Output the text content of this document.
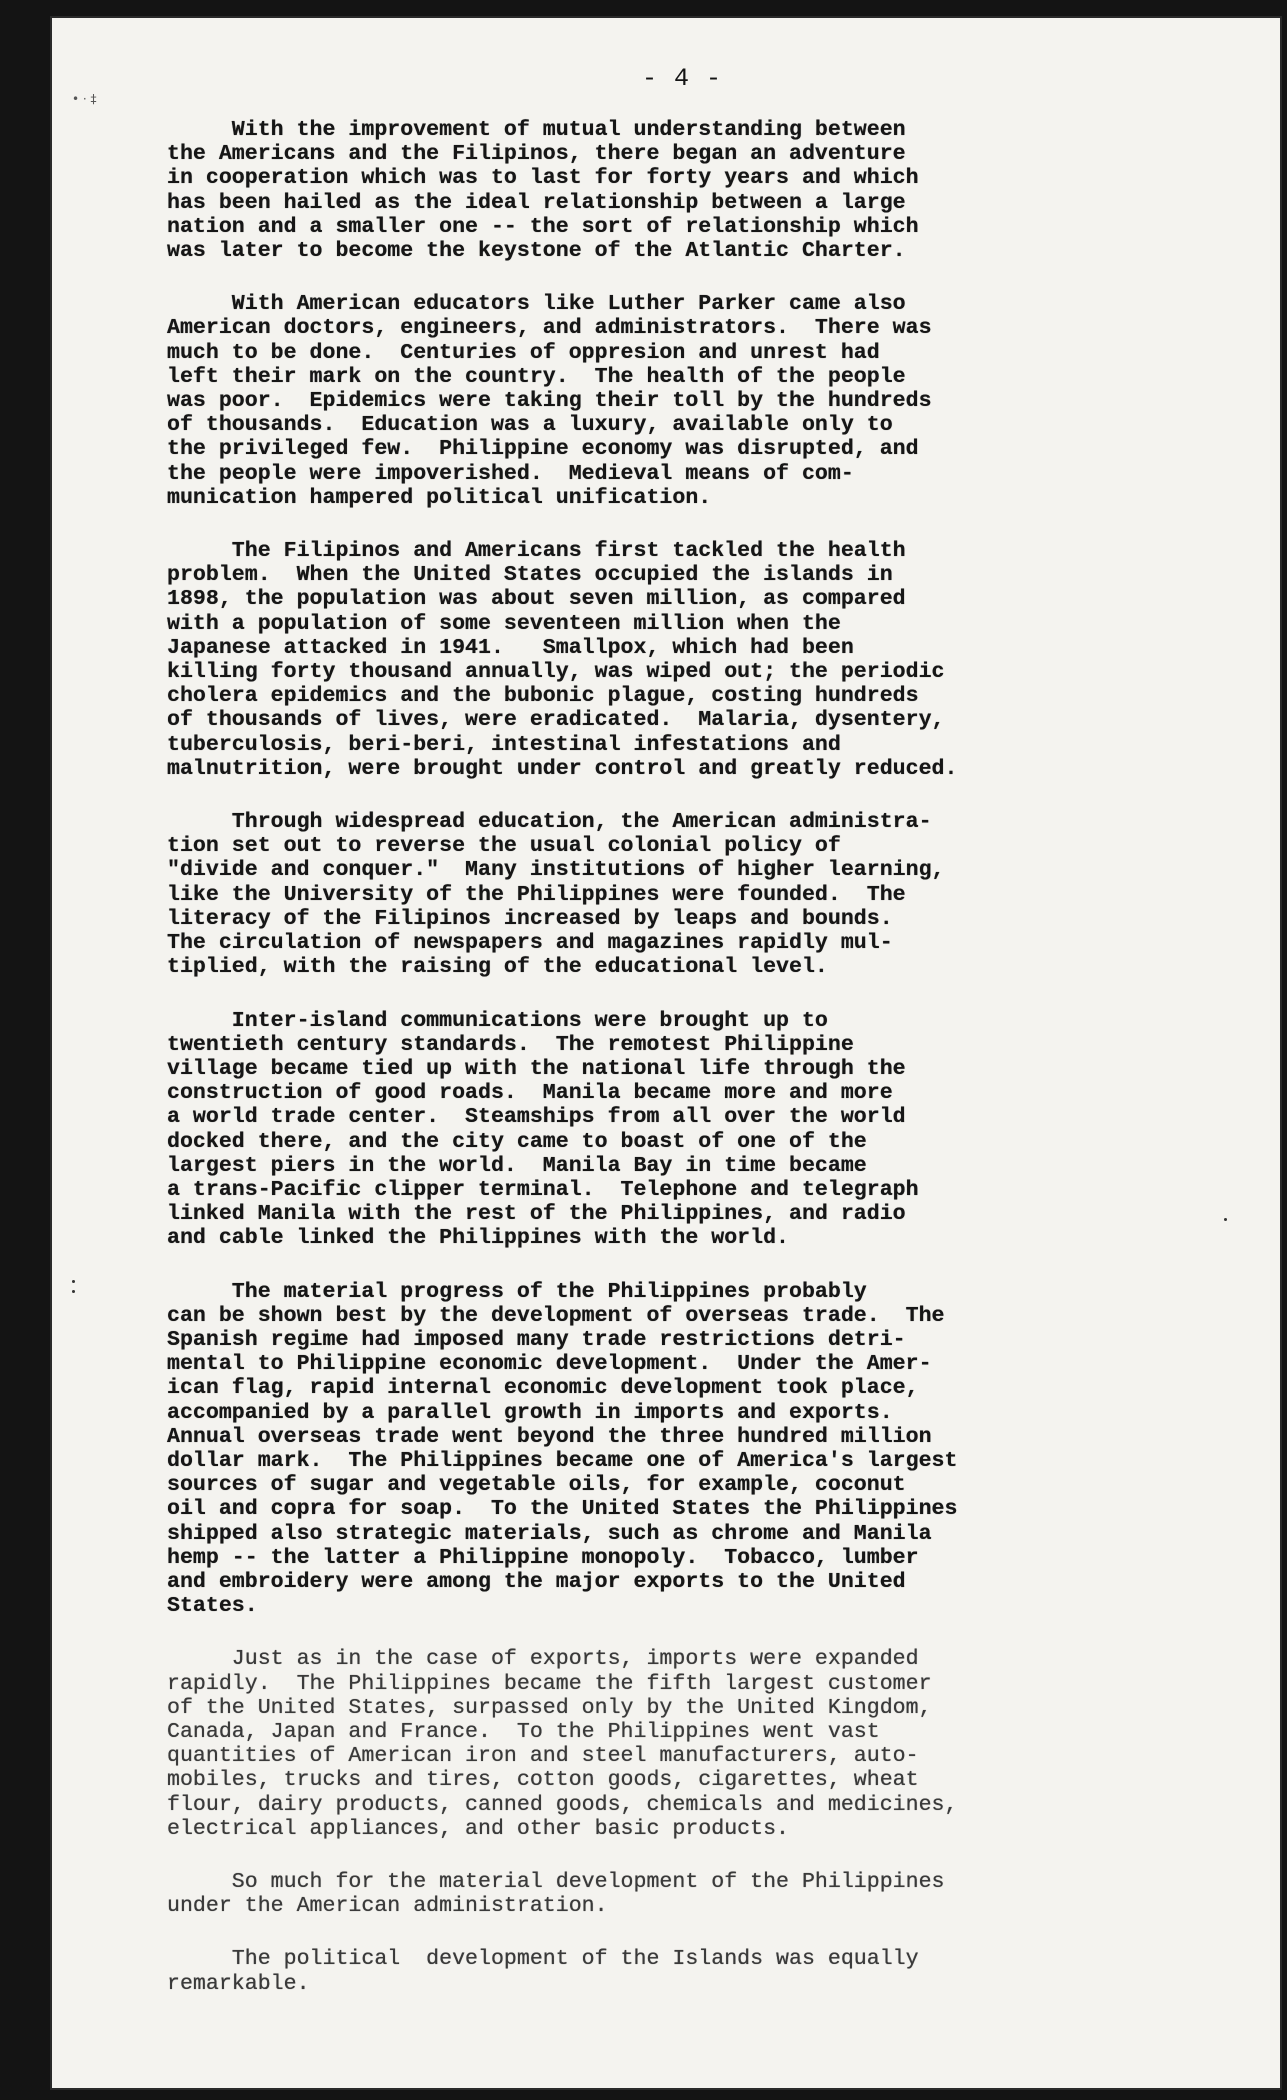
• · ‡
- 4 -
With the improvement of mutual understanding between
the Americans and the Filipinos, there began an adventure
in cooperation which was to last for forty years and which
has been hailed as the ideal relationship between a large
nation and a smaller one -- the sort of relationship which
was later to become the keystone of the Atlantic Charter.
With American educators like Luther Parker came also
American doctors, engineers, and administrators.  There was
much to be done.  Centuries of oppresion and unrest had
left their mark on the country.  The health of the people
was poor.  Epidemics were taking their toll by the hundreds
of thousands.  Education was a luxury, available only to
the privileged few.  Philippine economy was disrupted, and
the people were impoverished.  Medieval means of com-
munication hampered political unification.
The Filipinos and Americans first tackled the health
problem.  When the United States occupied the islands in
1898, the population was about seven million, as compared
with a population of some seventeen million when the
Japanese attacked in 1941.   Smallpox, which had been
killing forty thousand annually, was wiped out; the periodic
cholera epidemics and the bubonic plague, costing hundreds
of thousands of lives, were eradicated.  Malaria, dysentery,
tuberculosis, beri-beri, intestinal infestations and
malnutrition, were brought under control and greatly reduced.
Through widespread education, the American administra-
tion set out to reverse the usual colonial policy of
"divide and conquer."  Many institutions of higher learning,
like the University of the Philippines were founded.  The
literacy of the Filipinos increased by leaps and bounds.
The circulation of newspapers and magazines rapidly mul-
tiplied, with the raising of the educational level.
Inter-island communications were brought up to
twentieth century standards.  The remotest Philippine
village became tied up with the national life through the
construction of good roads.  Manila became more and more
a world trade center.  Steamships from all over the world
docked there, and the city came to boast of one of the
largest piers in the world.  Manila Bay in time became
a trans-Pacific clipper terminal.  Telephone and telegraph
linked Manila with the rest of the Philippines, and radio
and cable linked the Philippines with the world.
The material progress of the Philippines probably
can be shown best by the development of overseas trade.  The
Spanish regime had imposed many trade restrictions detri-
mental to Philippine economic development.  Under the Amer-
ican flag, rapid internal economic development took place,
accompanied by a parallel growth in imports and exports.
Annual overseas trade went beyond the three hundred million
dollar mark.  The Philippines became one of America's largest
sources of sugar and vegetable oils, for example, coconut
oil and copra for soap.  To the United States the Philippines
shipped also strategic materials, such as chrome and Manila
hemp -- the latter a Philippine monopoly.  Tobacco, lumber
and embroidery were among the major exports to the United
States.
Just as in the case of exports, imports were expanded
rapidly.  The Philippines became the fifth largest customer
of the United States, surpassed only by the United Kingdom,
Canada, Japan and France.  To the Philippines went vast
quantities of American iron and steel manufacturers, auto-
mobiles, trucks and tires, cotton goods, cigarettes, wheat
flour, dairy products, canned goods, chemicals and medicines,
electrical appliances, and other basic products.
So much for the material development of the Philippines
under the American administration.
The political  development of the Islands was equally
remarkable.
